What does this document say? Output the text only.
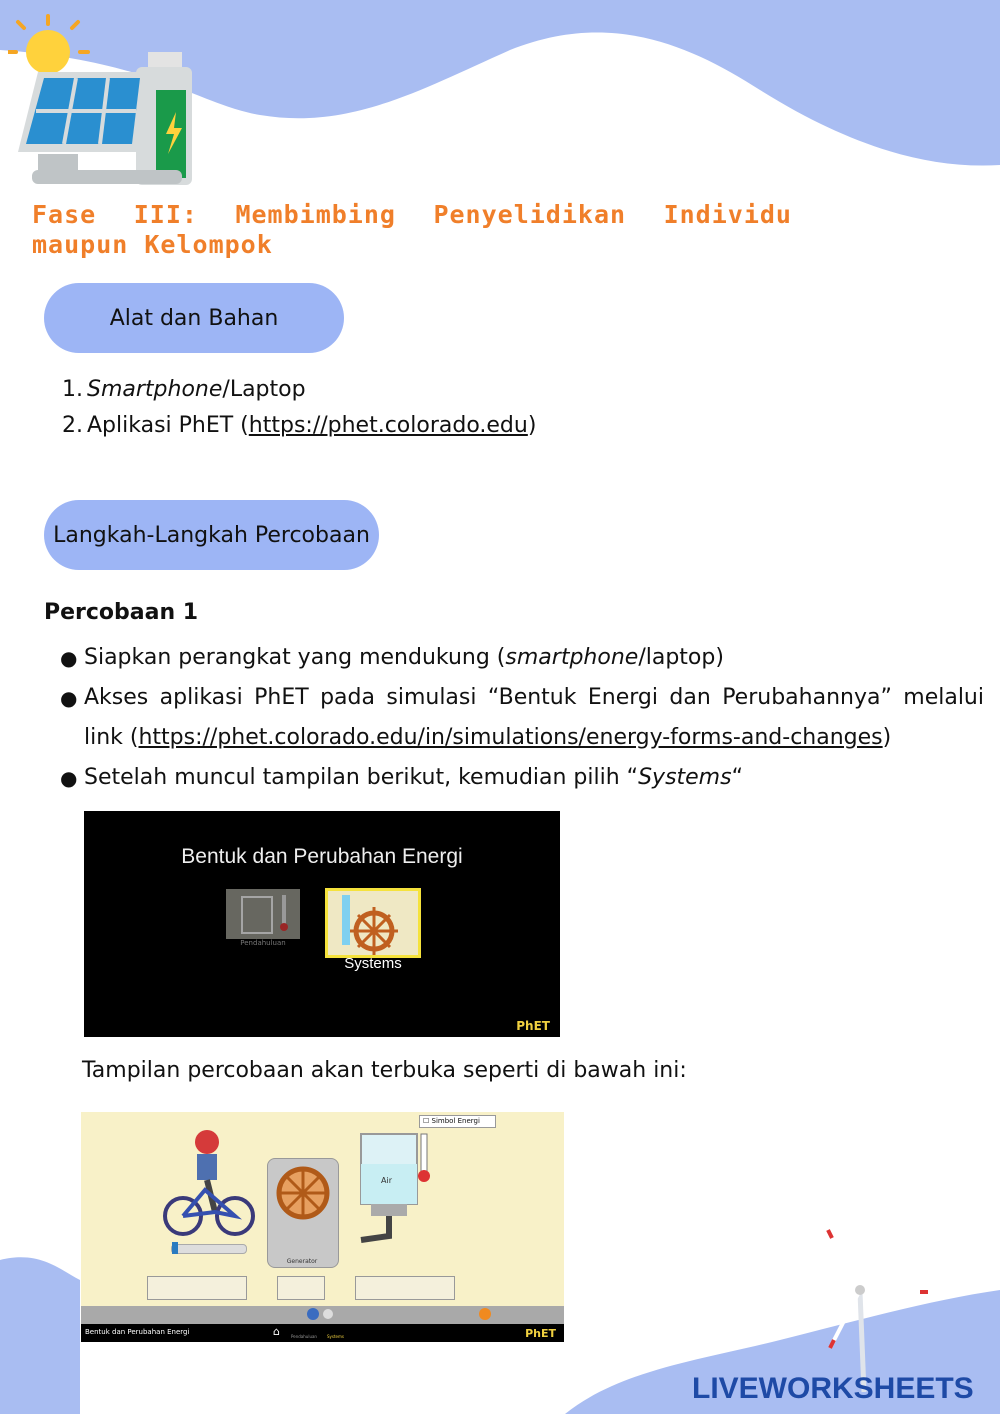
Fase III: Membimbing Penyelidikan Individu
maupun Kelompok
Alat dan Bahan
1. Smartphone/Laptop
2. Aplikasi PhET (https://phet.colorado.edu)
Langkah-Langkah Percobaan
Percobaan 1
● Siapkan perangkat yang mendukung (smartphone/laptop)
● Akses aplikasi PhET pada simulasi “Bentuk Energi dan Perubahannya” melalui link (https://phet.colorado.edu/in/simulations/energy-forms-and-changes)
● Setelah muncul tampilan berikut, kemudian pilih “Systems“
Bentuk dan Perubahan Energi
Pendahuluan
Systems
PhET
Tampilan percobaan akan terbuka seperti di bawah ini:
☐ Simbol Energi
Generator
Air
Bentuk dan Perubahan Energi	⌂	Pendahuluan	Systems	PhET
LIVEWORKSHEETS
